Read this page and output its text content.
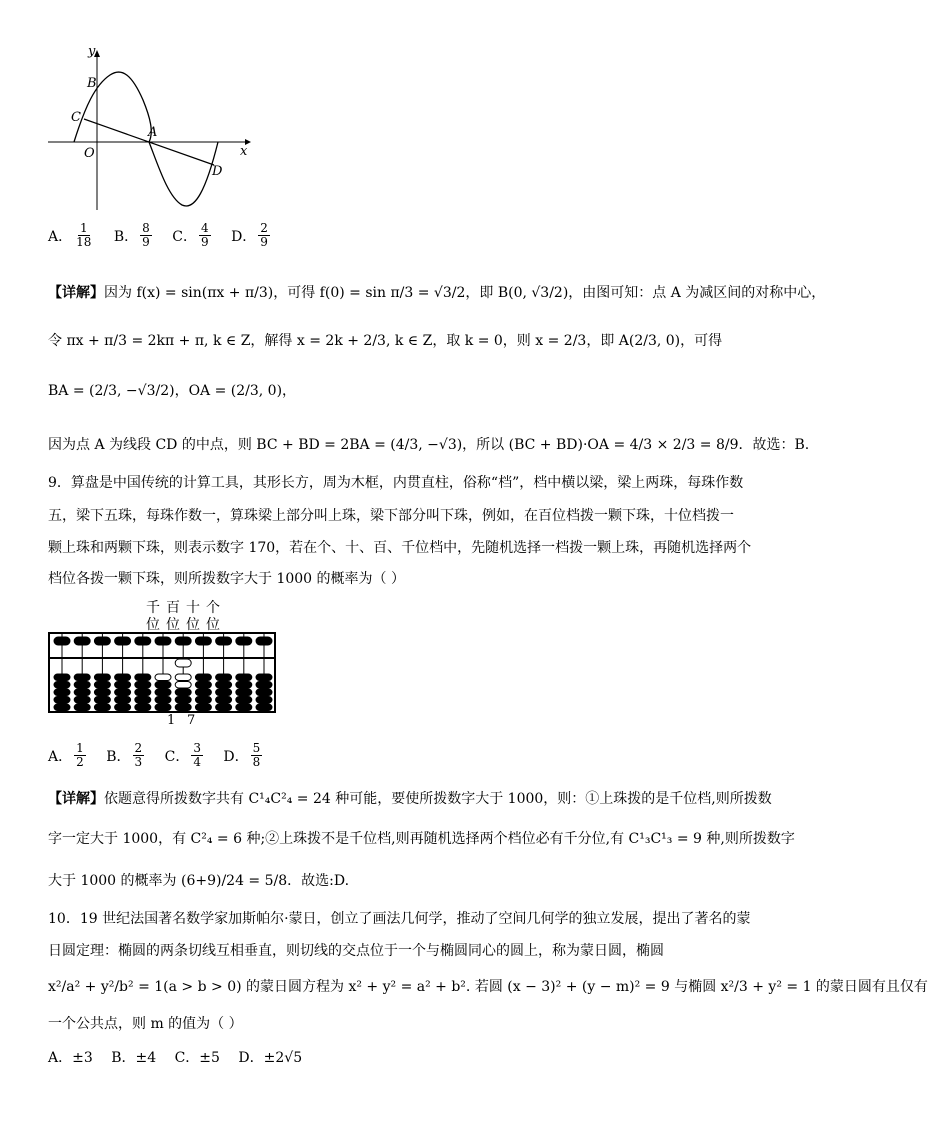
y
x
O
A
B
C
D
A． $\frac{1}{18}$
B． $\frac{8}{9}$
C． $\frac{4}{9}$
D． $\frac{2}{9}$
【详解】因为 f(x) = sin(πx + π/3)，可得 f(0) = sin π/3 = √3/2，即 B(0, √3/2)，由图可知：点 A 为减区间的对称中心，
令 πx + π/3 = 2kπ + π, k ∈ Z，解得 x = 2k + 2/3, k ∈ Z，取 k = 0，则 x = 2/3，即 A(2/3, 0)，可得
BA = (2/3, −√3/2)，OA = (2/3, 0)，
因为点 A 为线段 CD 的中点，则 BC + BD = 2BA = (4/3, −√3)，所以 (BC + BD)·OA = 4/3 × 2/3 = 8/9．故选：B.
9．算盘是中国传统的计算工具，其形长方，周为木框，内贯直柱，俗称“档”，档中横以梁，梁上两珠，每珠作数
五，梁下五珠，每珠作数一，算珠梁上部分叫上珠，梁下部分叫下珠，例如，在百位档拨一颗下珠，十位档拨一
颗上珠和两颗下珠，则表示数字 170，若在个、十、百、千位档中，先随机选择一档拨一颗上珠，再随机选择两个
档位各拨一颗下珠，则所拨数字大于 1000 的概率为（ ）
千 百 十 个
位 位 位 位
1 7
A． $\frac{1}{2}$
B． $\frac{2}{3}$
C． $\frac{3}{4}$
D． $\frac{5}{8}$
【详解】依题意得所拨数字共有 C¹₄C²₄ = 24 种可能，要使所拨数字大于 1000，则：①上珠拨的是千位档,则所拨数
字一定大于 1000，有 C²₄ = 6 种;②上珠拨不是千位档,则再随机选择两个档位必有千分位,有 C¹₃C¹₃ = 9 种,则所拨数字
大于 1000 的概率为 (6+9)/24 = 5/8．故选:D.
10．19 世纪法国著名数学家加斯帕尔·蒙日，创立了画法几何学，推动了空间几何学的独立发展，提出了著名的蒙
日圆定理：椭圆的两条切线互相垂直，则切线的交点位于一个与椭圆同心的圆上，称为蒙日圆，椭圆
x²/a² + y²/b² = 1(a > b > 0) 的蒙日圆方程为 x² + y² = a² + b². 若圆 (x − 3)² + (y − m)² = 9 与椭圆 x²/3 + y² = 1 的蒙日圆有且仅有
一个公共点，则 m 的值为（ ）
A．±3 B．±4 C．±5 D．±2√5
